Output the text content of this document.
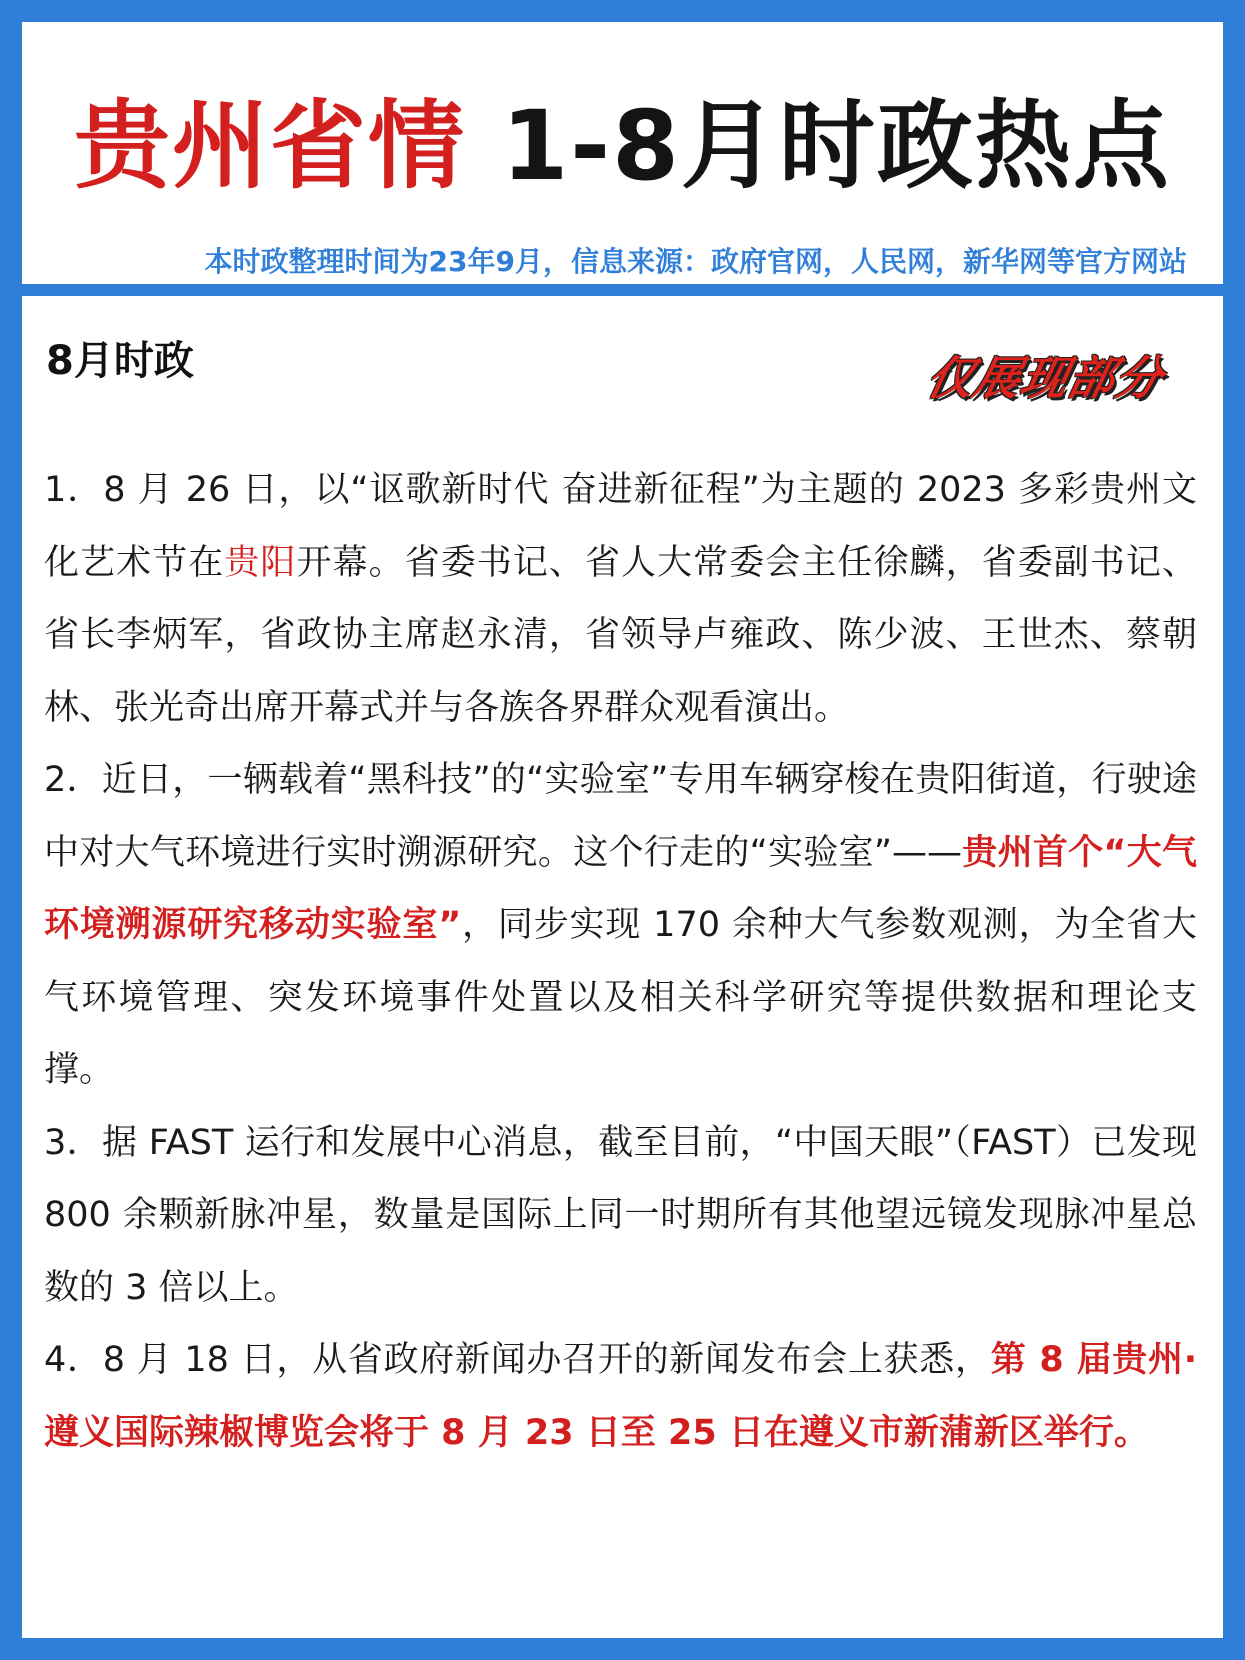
贵州省情 1-8月时政热点
本时政整理时间为23年9月，信息来源：政府官网，人民网，新华网等官方网站
8月时政	仅展现部分

1．8 月 26 日，以“讴歌新时代 奋进新征程”为主题的 2023 多彩贵州文化艺术节在贵阳开幕。省委书记、省人大常委会主任徐麟，省委副书记、省长李炳军，省政协主席赵永清，省领导卢雍政、陈少波、王世杰、蔡朝林、张光奇出席开幕式并与各族各界群众观看演出。

2．近日，一辆载着“黑科技”的“实验室”专用车辆穿梭在贵阳街道，行驶途中对大气环境进行实时溯源研究。这个行走的“实验室”——贵州首个“大气环境溯源研究移动实验室”，同步实现 170 余种大气参数观测，为全省大气环境管理、突发环境事件处置以及相关科学研究等提供数据和理论支撑。

3．据 FAST 运行和发展中心消息，截至目前，“中国天眼”（FAST）已发现 800 余颗新脉冲星，数量是国际上同一时期所有其他望远镜发现脉冲星总数的 3 倍以上。

4．8 月 18 日，从省政府新闻办召开的新闻发布会上获悉，第 8 届贵州·遵义国际辣椒博览会将于 8 月 23 日至 25 日在遵义市新蒲新区举行。
